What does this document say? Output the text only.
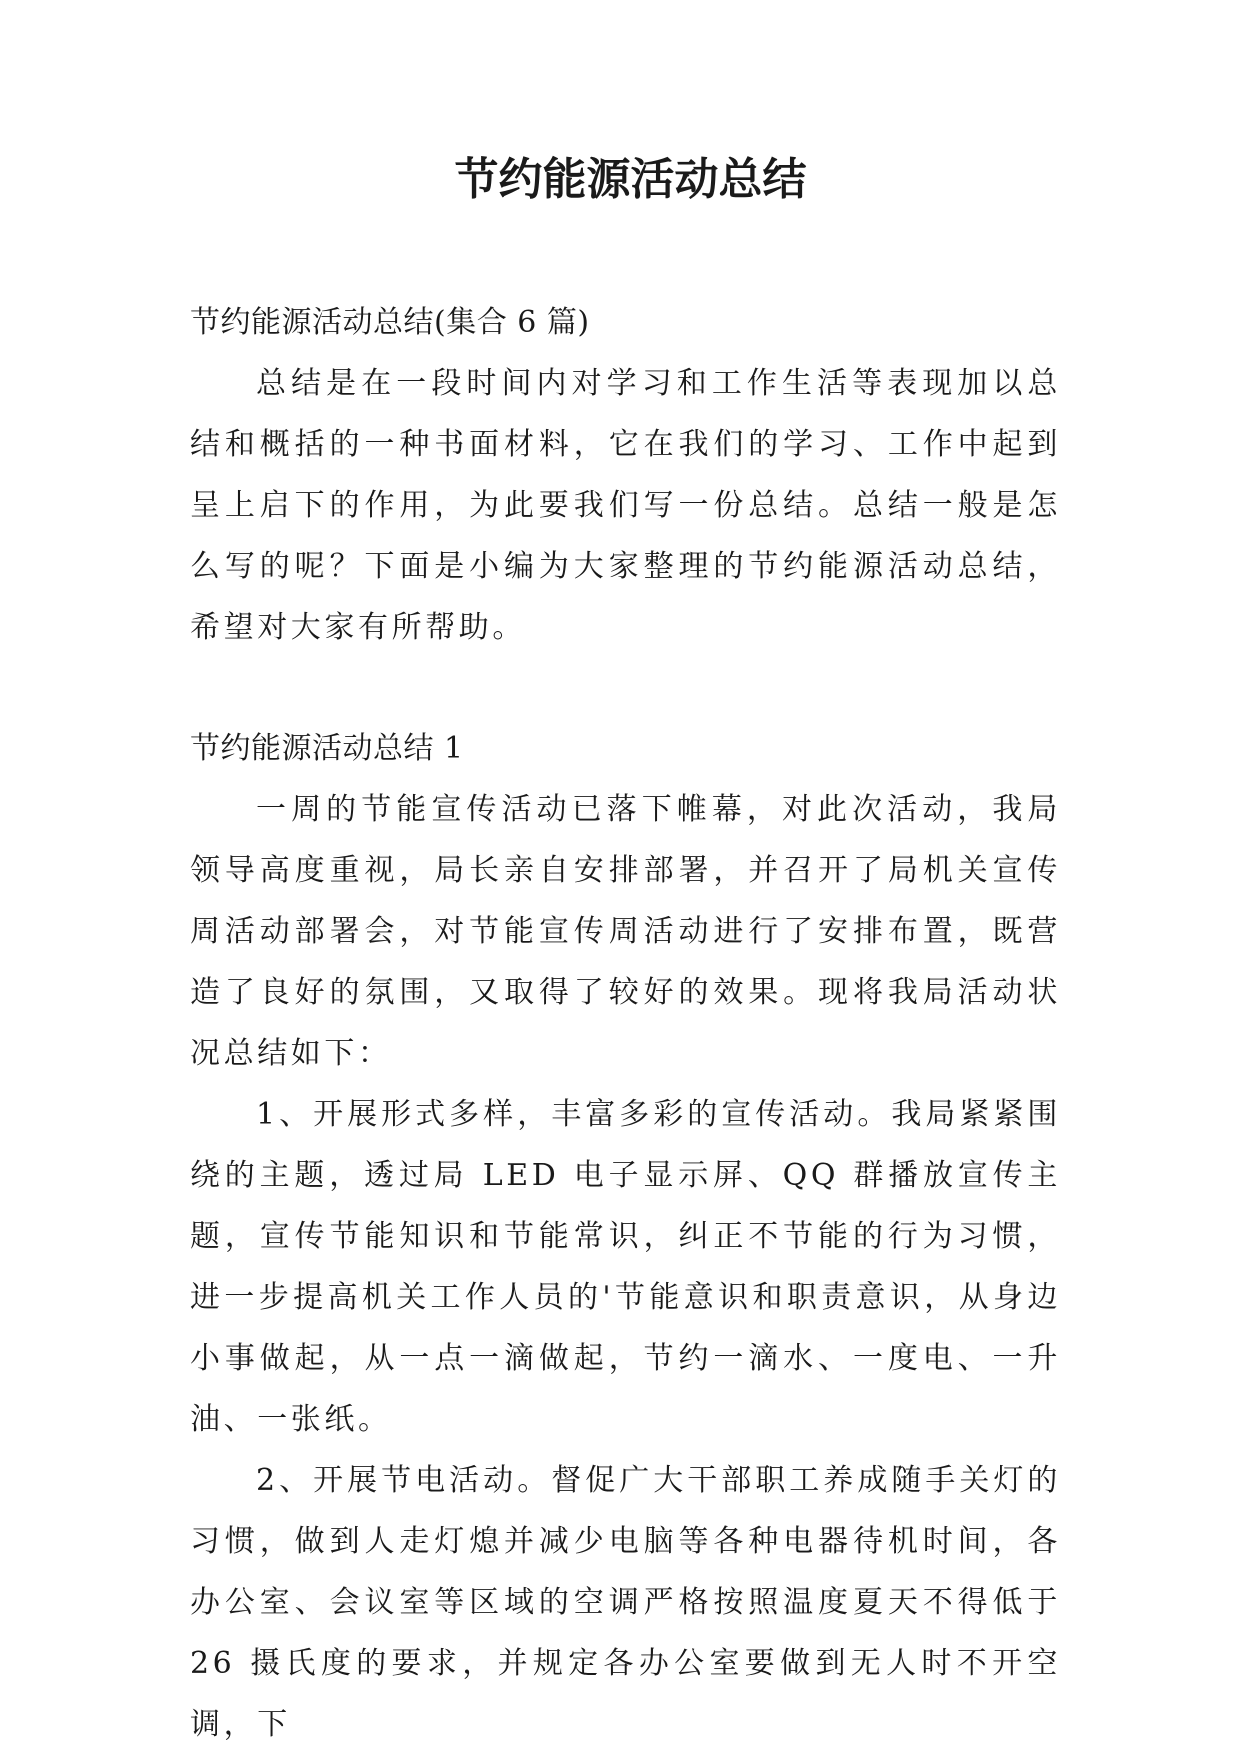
节约能源活动总结

节约能源活动总结(集合 6 篇)

总结是在一段时间内对学习和工作生活等表现加以总结和概括的一种书面材料，它在我们的学习、工作中起到呈上启下的作用，为此要我们写一份总结。总结一般是怎么写的呢？下面是小编为大家整理的节约能源活动总结，希望对大家有所帮助。

节约能源活动总结 1

一周的节能宣传活动已落下帷幕，对此次活动，我局领导高度重视，局长亲自安排部署，并召开了局机关宣传周活动部署会，对节能宣传周活动进行了安排布置，既营造了良好的氛围，又取得了较好的效果。现将我局活动状况总结如下：

1、开展形式多样，丰富多彩的宣传活动。我局紧紧围绕的主题，透过局 LED 电子显示屏、QQ 群播放宣传主题，宣传节能知识和节能常识，纠正不节能的行为习惯，进一步提高机关工作人员的'节能意识和职责意识，从身边小事做起，从一点一滴做起，节约一滴水、一度电、一升油、一张纸。

2、开展节电活动。督促广大干部职工养成随手关灯的习惯，做到人走灯熄并减少电脑等各种电器待机时间，各办公室、会议室等区域的空调严格按照温度夏天不得低于 26 摄氏度的要求，并规定各办公室要做到无人时不开空调，下
